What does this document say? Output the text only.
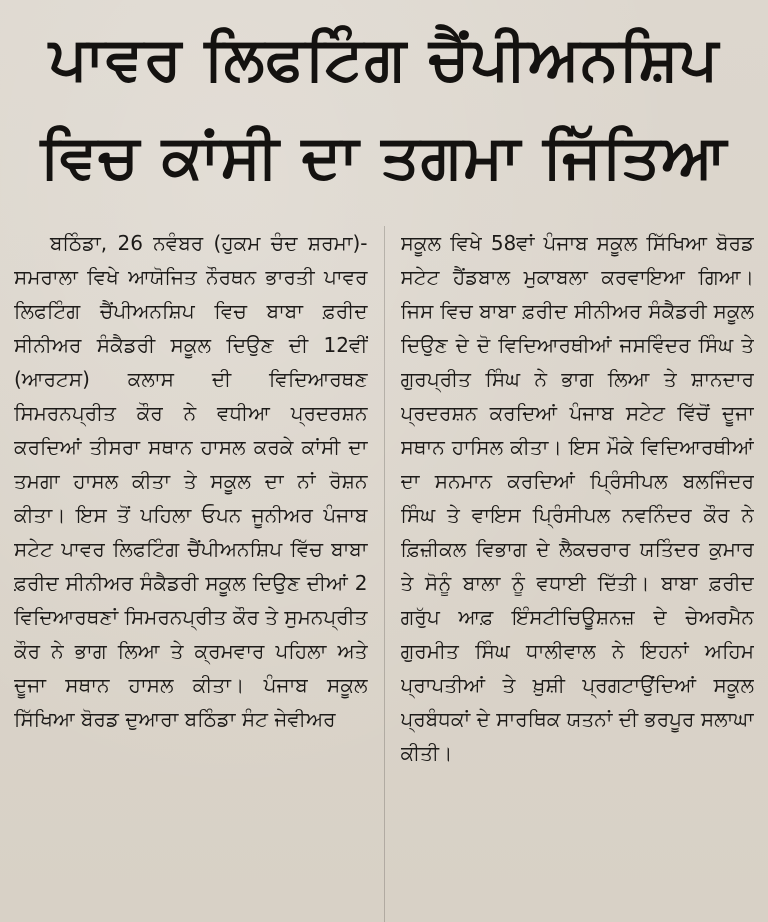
ਪਾਵਰ ਲਿਫਟਿੰਗ ਚੈਂਪੀਅਨਸ਼ਿਪ
ਵਿਚ ਕਾਂਸੀ ਦਾ ਤਗਮਾ ਜਿੱਤਿਆ

ਬਠਿੰਡਾ, 26 ਨਵੰਬਰ (ਹੁਕਮ ਚੰਦ ਸ਼ਰਮਾ)- ਸਮਰਾਲਾ ਵਿਖੇ ਆਯੋਜਿਤ ਨੌਰਥਨ ਭਾਰਤੀ ਪਾਵਰ ਲਿਫਟਿੰਗ ਚੈਂਪੀਅਨਸ਼ਿਪ ਵਿਚ ਬਾਬਾ ਫ਼ਰੀਦ ਸੀਨੀਅਰ ਸੰਕੈਡਰੀ ਸਕੂਲ ਦਿਉਣ ਦੀ 12ਵੀਂ (ਆਰਟਸ) ਕਲਾਸ ਦੀ ਵਿਦਿਆਰਥਣ ਸਿਮਰਨਪ੍ਰੀਤ ਕੌਰ ਨੇ ਵਧੀਆ ਪ੍ਰਦਰਸ਼ਨ ਕਰਦਿਆਂ ਤੀਸਰਾ ਸਥਾਨ ਹਾਸਲ ਕਰਕੇ ਕਾਂਸੀ ਦਾ ਤਮਗਾ ਹਾਸਲ ਕੀਤਾ ਤੇ ਸਕੂਲ ਦਾ ਨਾਂ ਰੋਸ਼ਨ ਕੀਤਾ। ਇਸ ਤੋਂ ਪਹਿਲਾ ਓਪਨ ਜੂਨੀਅਰ ਪੰਜਾਬ ਸਟੇਟ ਪਾਵਰ ਲਿਫਟਿੰਗ ਚੈਂਪੀਅਨਸ਼ਿਪ ਵਿੱਚ ਬਾਬਾ ਫ਼ਰੀਦ ਸੀਨੀਅਰ ਸੰਕੈਡਰੀ ਸਕੂਲ ਦਿਉਣ ਦੀਆਂ 2 ਵਿਦਿਆਰਥਣਾਂ ਸਿਮਰਨਪ੍ਰੀਤ ਕੌਰ ਤੇ ਸੁਮਨਪ੍ਰੀਤ ਕੌਰ ਨੇ ਭਾਗ ਲਿਆ ਤੇ ਕ੍ਰਮਵਾਰ ਪਹਿਲਾ ਅਤੇ ਦੂਜਾ ਸਥਾਨ ਹਾਸਲ ਕੀਤਾ। ਪੰਜਾਬ ਸਕੂਲ ਸਿੱਖਿਆ ਬੋਰਡ ਦੁਆਰਾ ਬਠਿੰਡਾ ਸੰਟ ਜੇਵੀਅਰ

ਸਕੂਲ ਵਿਖੇ 58ਵਾਂ ਪੰਜਾਬ ਸਕੂਲ ਸਿੱਖਿਆ ਬੋਰਡ ਸਟੇਟ ਹੈਂਡਬਾਲ ਮੁਕਾਬਲਾ ਕਰਵਾਇਆ ਗਿਆ। ਜਿਸ ਵਿਚ ਬਾਬਾ ਫ਼ਰੀਦ ਸੀਨੀਅਰ ਸੰਕੈਡਰੀ ਸਕੂਲ ਦਿਉਣ ਦੇ ਦੋ ਵਿਦਿਆਰਥੀਆਂ ਜਸਵਿੰਦਰ ਸਿੰਘ ਤੇ ਗੁਰਪ੍ਰੀਤ ਸਿੰਘ ਨੇ ਭਾਗ ਲਿਆ ਤੇ ਸ਼ਾਨਦਾਰ ਪ੍ਰਦਰਸ਼ਨ ਕਰਦਿਆਂ ਪੰਜਾਬ ਸਟੇਟ ਵਿੱਚੋਂ ਦੂਜਾ ਸਥਾਨ ਹਾਸਿਲ ਕੀਤਾ। ਇਸ ਮੌਕੇ ਵਿਦਿਆਰਥੀਆਂ ਦਾ ਸਨਮਾਨ ਕਰਦਿਆਂ ਪ੍ਰਿੰਸੀਪਲ ਬਲਜਿੰਦਰ ਸਿੰਘ ਤੇ ਵਾਇਸ ਪ੍ਰਿੰਸੀਪਲ ਨਵਨਿੰਦਰ ਕੌਰ ਨੇ ਫ਼ਿਜ਼ੀਕਲ ਵਿਭਾਗ ਦੇ ਲੈਕਚਰਾਰ ਯਤਿੰਦਰ ਕੁਮਾਰ ਤੇ ਸੋਨੂੰ ਬਾਲਾ ਨੂੰ ਵਧਾਈ ਦਿੱਤੀ। ਬਾਬਾ ਫ਼ਰੀਦ ਗਰੁੱਪ ਆਫ਼ ਇੰਸਟੀਚਿਊਸ਼ਨਜ਼ ਦੇ ਚੇਅਰਮੈਨ ਗੁਰਮੀਤ ਸਿੰਘ ਧਾਲੀਵਾਲ ਨੇ ਇਹਨਾਂ ਅਹਿਮ ਪ੍ਰਾਪਤੀਆਂ ਤੇ ਖ਼ੁਸ਼ੀ ਪ੍ਰਗਟਾਉਂਦਿਆਂ ਸਕੂਲ ਪ੍ਰਬੰਧਕਾਂ ਦੇ ਸਾਰਥਿਕ ਯਤਨਾਂ ਦੀ ਭਰਪੂਰ ਸਲਾਘਾ ਕੀਤੀ।
